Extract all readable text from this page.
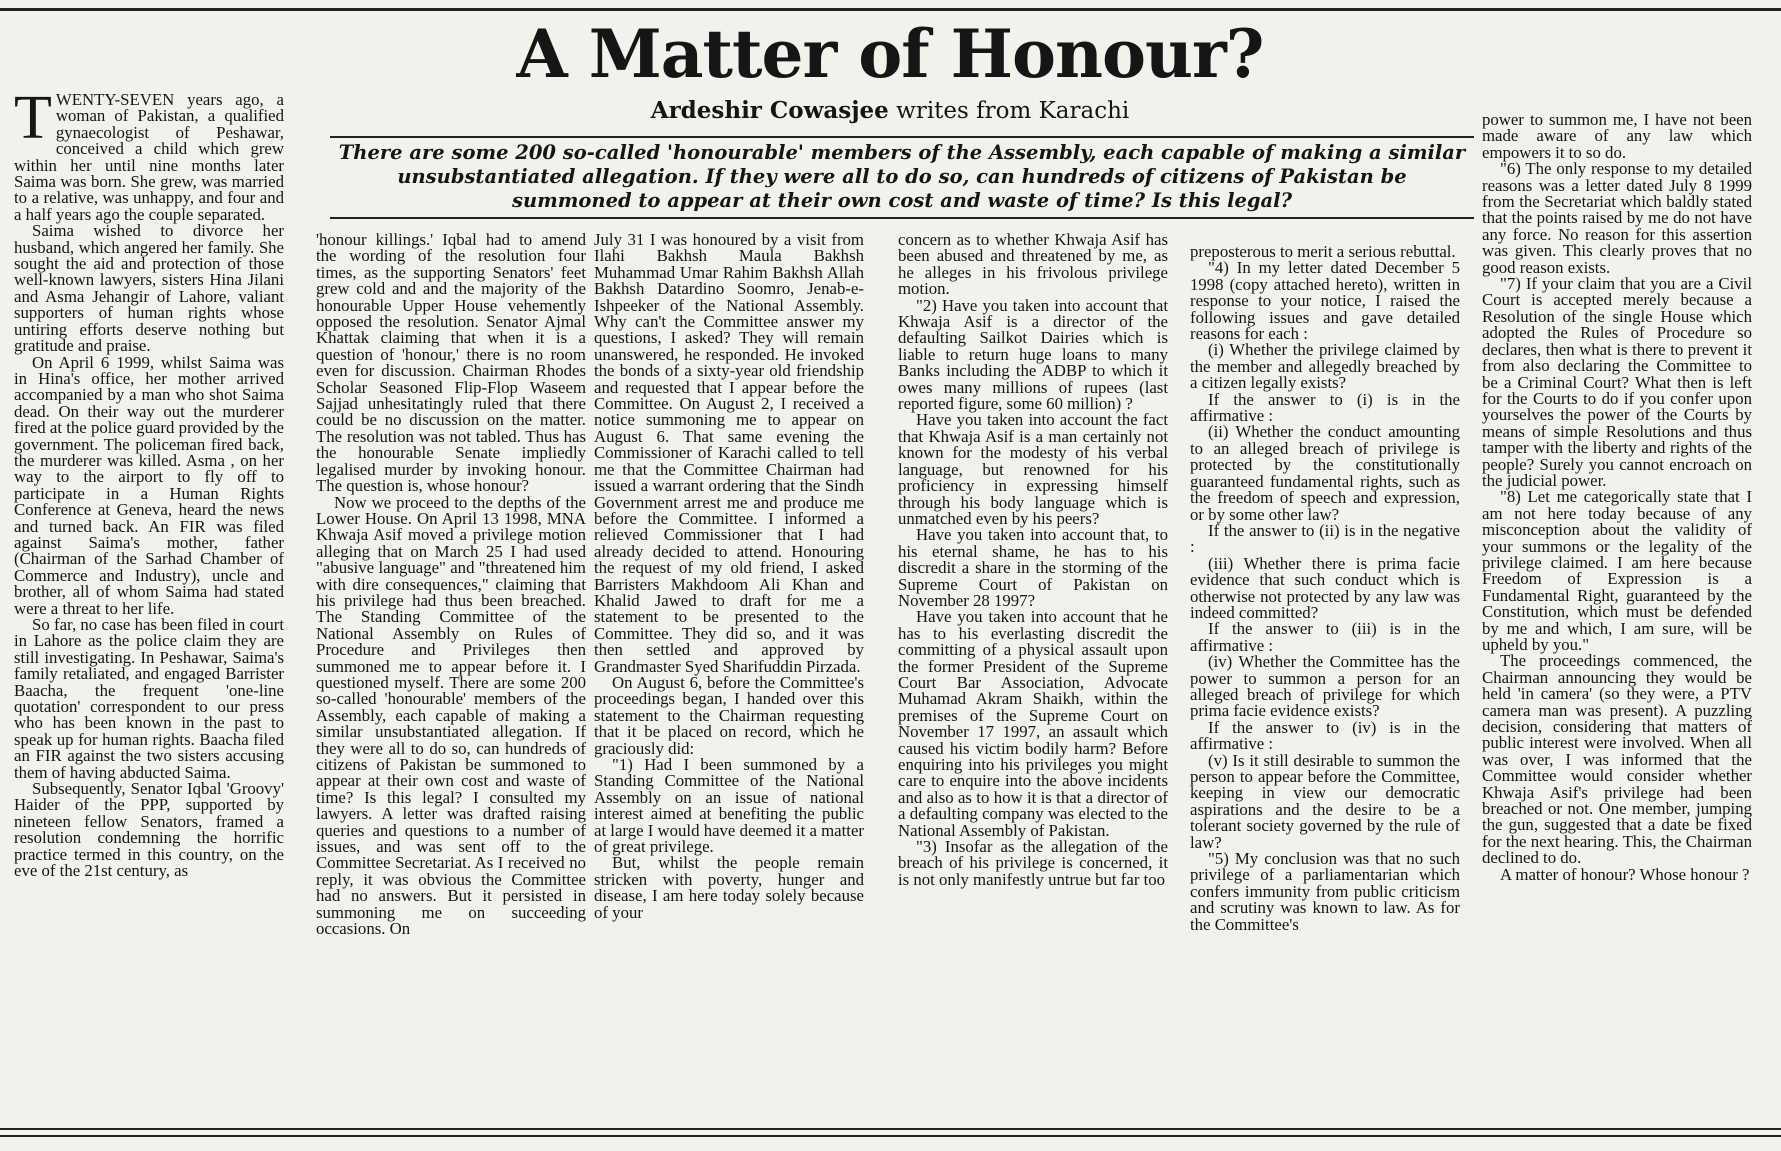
A Matter of Honour?
Ardeshir Cowasjee writes from Karachi
There are some 200 so-called 'honourable' members of the Assembly, each capable of making a similar unsubstantiated allegation. If they were all to do so, can hundreds of citizens of Pakistan be summoned to appear at their own cost and waste of time? Is this legal?

TWENTY-SEVEN years ago, a woman of Pakistan, a qualified gynaecologist of Peshawar, conceived a child which grew within her until nine months later Saima was born. She grew, was married to a relative, was unhappy, and four and a half years ago the couple separated.

Saima wished to divorce her husband, which angered her family. She sought the aid and protection of those well-known lawyers, sisters Hina Jilani and Asma Jehangir of Lahore, valiant supporters of human rights whose untiring efforts deserve nothing but gratitude and praise.

On April 6 1999, whilst Saima was in Hina's office, her mother arrived accompanied by a man who shot Saima dead. On their way out the murderer fired at the police guard provided by the government. The policeman fired back, the murderer was killed. Asma , on her way to the airport to fly off to participate in a Human Rights Conference at Geneva, heard the news and turned back. An FIR was filed against Saima's mother, father (Chairman of the Sarhad Chamber of Commerce and Industry), uncle and brother, all of whom Saima had stated were a threat to her life.

So far, no case has been filed in court in Lahore as the police claim they are still investigating. In Peshawar, Saima's family retaliated, and engaged Barrister Baacha, the frequent 'one-line quotation' correspondent to our press who has been known in the past to speak up for human rights. Baacha filed an FIR against the two sisters accusing them of having abducted Saima.

Subsequently, Senator Iqbal 'Groovy' Haider of the PPP, supported by nineteen fellow Senators, framed a resolution condemning the horrific practice termed in this country, on the eve of the 21st century, as

'honour killings.' Iqbal had to amend the wording of the resolution four times, as the supporting Senators' feet grew cold and and the majority of the honourable Upper House vehemently opposed the resolution. Senator Ajmal Khattak claiming that when it is a question of 'honour,' there is no room even for discussion. Chairman Rhodes Scholar Seasoned Flip-Flop Waseem Sajjad unhesitatingly ruled that there could be no discussion on the matter. The resolution was not tabled. Thus has the honourable Senate impliedly legalised murder by invoking honour. The question is, whose honour?

Now we proceed to the depths of the Lower House. On April 13 1998, MNA Khwaja Asif moved a privilege motion alleging that on March 25 I had used "abusive language" and "threatened him with dire consequences," claiming that his privilege had thus been breached. The Standing Committee of the National Assembly on Rules of Procedure and Privileges then summoned me to appear before it. I questioned myself. There are some 200 so-called 'honourable' members of the Assembly, each capable of making a similar unsubstantiated allegation. If they were all to do so, can hundreds of citizens of Pakistan be summoned to appear at their own cost and waste of time? Is this legal? I consulted my lawyers. A letter was drafted raising queries and questions to a number of issues, and was sent off to the Committee Secretariat. As I received no reply, it was obvious the Committee had no answers. But it persisted in summoning me on succeeding occasions. On

July 31 I was honoured by a visit from Ilahi Bakhsh Maula Bakhsh Muhammad Umar Rahim Bakhsh Allah Bakhsh Datardino Soomro, Jenab-e-Ishpeeker of the National Assembly. Why can't the Committee answer my questions, I asked? They will remain unanswered, he responded. He invoked the bonds of a sixty-year old friendship and requested that I appear before the Committee. On August 2, I received a notice summoning me to appear on August 6. That same evening the Commissioner of Karachi called to tell me that the Committee Chairman had issued a warrant ordering that the Sindh Government arrest me and produce me before the Committee. I informed a relieved Commissioner that I had already decided to attend. Honouring the request of my old friend, I asked Barristers Makhdoom Ali Khan and Khalid Jawed to draft for me a statement to be presented to the Committee. They did so, and it was then settled and approved by Grandmaster Syed Sharifuddin Pirzada.

On August 6, before the Committee's proceedings began, I handed over this statement to the Chairman requesting that it be placed on record, which he graciously did:

"1) Had I been summoned by a Standing Committee of the National Assembly on an issue of national interest aimed at benefiting the public at large I would have deemed it a matter of great privilege.

But, whilst the people remain stricken with poverty, hunger and disease, I am here today solely because of your

concern as to whether Khwaja Asif has been abused and threatened by me, as he alleges in his frivolous privilege motion.

"2) Have you taken into account that Khwaja Asif is a director of the defaulting Sailkot Dairies which is liable to return huge loans to many Banks including the ADBP to which it owes many millions of rupees (last reported figure, some 60 million) ?

Have you taken into account the fact that Khwaja Asif is a man certainly not known for the modesty of his verbal language, but renowned for his proficiency in expressing himself through his body language which is unmatched even by his peers?

Have you taken into account that, to his eternal shame, he has to his discredit a share in the storming of the Supreme Court of Pakistan on November 28 1997?

Have you taken into account that he has to his everlasting discredit the committing of a physical assault upon the former President of the Supreme Court Bar Association, Advocate Muhamad Akram Shaikh, within the premises of the Supreme Court on November 17 1997, an assault which caused his victim bodily harm? Before enquiring into his privileges you might care to enquire into the above incidents and also as to how it is that a director of a defaulting company was elected to the National Assembly of Pakistan.

"3) Insofar as the allegation of the breach of his privilege is concerned, it is not only manifestly untrue but far too

preposterous to merit a serious rebuttal.

"4) In my letter dated December 5 1998 (copy attached hereto), written in response to your notice, I raised the following issues and gave detailed reasons for each :

(i) Whether the privilege claimed by the member and allegedly breached by a citizen legally exists?

If the answer to (i) is in the affirmative :

(ii) Whether the conduct amounting to an alleged breach of privilege is protected by the constitutionally guaranteed fundamental rights, such as the freedom of speech and expression, or by some other law?

If the answer to (ii) is in the negative :

(iii) Whether there is prima facie evidence that such conduct which is otherwise not protected by any law was indeed committed?

If the answer to (iii) is in the affirmative :

(iv) Whether the Committee has the power to summon a person for an alleged breach of privilege for which prima facie evidence exists?

If the answer to (iv) is in the affirmative :

(v) Is it still desirable to summon the person to appear before the Committee, keeping in view our democratic aspirations and the desire to be a tolerant society governed by the rule of law?

"5) My conclusion was that no such privilege of a parliamentarian which confers immunity from public criticism and scrutiny was known to law. As for the Committee's

power to summon me, I have not been made aware of any law which empowers it to so do.

"6) The only response to my detailed reasons was a letter dated July 8 1999 from the Secretariat which baldly stated that the points raised by me do not have any force. No reason for this assertion was given. This clearly proves that no good reason exists.

"7) If your claim that you are a Civil Court is accepted merely because a Resolution of the single House which adopted the Rules of Procedure so declares, then what is there to prevent it from also declaring the Committee to be a Criminal Court? What then is left for the Courts to do if you confer upon yourselves the power of the Courts by means of simple Resolutions and thus tamper with the liberty and rights of the people? Surely you cannot encroach on the judicial power.

"8) Let me categorically state that I am not here today because of any misconception about the validity of your summons or the legality of the privilege claimed. I am here because Freedom of Expression is a Fundamental Right, guaranteed by the Constitution, which must be defended by me and which, I am sure, will be upheld by you."

The proceedings commenced, the Chairman announcing they would be held 'in camera' (so they were, a PTV camera man was present). A puzzling decision, considering that matters of public interest were involved. When all was over, I was informed that the Committee would consider whether Khwaja Asif's privilege had been breached or not. One member, jumping the gun, suggested that a date be fixed for the next hearing. This, the Chairman declined to do.

A matter of honour? Whose honour ?
